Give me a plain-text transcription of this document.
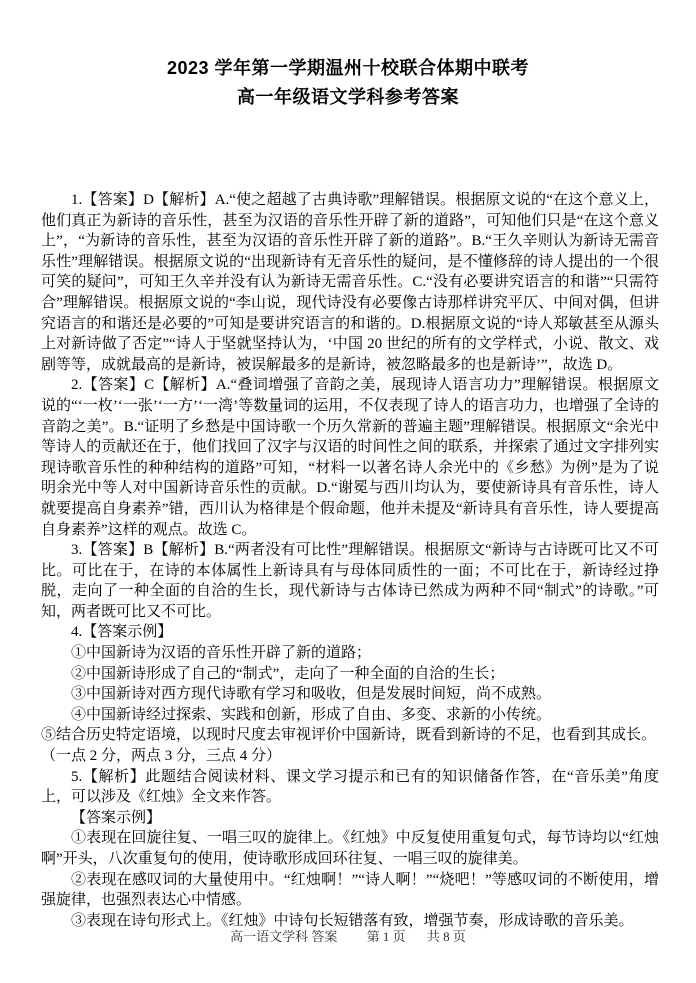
2023 学年第一学期温州十校联合体期中联考
高一年级语文学科参考答案

1.【答案】D【解析】A.“使之超越了古典诗歌”理解错误。根据原文说的“在这个意义上，他们真正为新诗的音乐性，甚至为汉语的音乐性开辟了新的道路”，可知他们只是“在这个意义上”，“为新诗的音乐性，甚至为汉语的音乐性开辟了新的道路”。B.“王久辛则认为新诗无需音乐性”理解错误。根据原文说的“出现新诗有无音乐性的疑问，是不懂修辞的诗人提出的一个很可笑的疑问”，可知王久辛并没有认为新诗无需音乐性。C.“没有必要讲究语言的和谐”“只需符合”理解错误。根据原文说的“李山说，现代诗没有必要像古诗那样讲究平仄、中间对偶，但讲究语言的和谐还是必要的”可知是要讲究语言的和谐的。D.根据原文说的“诗人郑敏甚至从源头上对新诗做了否定”“诗人于坚就坚持认为，‘中国 20 世纪的所有的文学样式，小说、散文、戏剧等等，成就最高的是新诗，被误解最多的是新诗，被忽略最多的也是新诗’”，故选 D。

2.【答案】C【解析】A.“叠词增强了音韵之美，展现诗人语言功力”理解错误。根据原文说的“‘一枚’‘一张’‘一方’‘一湾’等数量词的运用，不仅表现了诗人的语言功力，也增强了全诗的音韵之美”。B.“证明了乡愁是中国诗歌一个历久常新的普遍主题”理解错误。根据原文“余光中等诗人的贡献还在于，他们找回了汉字与汉语的时间性之间的联系，并探索了通过文字排列实现诗歌音乐性的种种结构的道路”可知，“材料一以著名诗人余光中的《乡愁》为例”是为了说明余光中等人对中国新诗音乐性的贡献。D.“谢冕与西川均认为，要使新诗具有音乐性，诗人就要提高自身素养”错，西川认为格律是个假命题，他并未提及“新诗具有音乐性，诗人要提高自身素养”这样的观点。故选 C。

3.【答案】B【解析】B.“两者没有可比性”理解错误。根据原文“新诗与古诗既可比又不可比。可比在于，在诗的本体属性上新诗具有与母体同质性的一面；不可比在于，新诗经过挣脱，走向了一种全面的自洽的生长，现代新诗与古体诗已然成为两种不同“制式”的诗歌。”可知，两者既可比又不可比。

4.【答案示例】

①中国新诗为汉语的音乐性开辟了新的道路；

②中国新诗形成了自己的“制式”，走向了一种全面的自洽的生长；

③中国新诗对西方现代诗歌有学习和吸收，但是发展时间短，尚不成熟。

④中国新诗经过探索、实践和创新，形成了自由、多变、求新的小传统。

⑤结合历史特定语境，以现时尺度去审视评价中国新诗，既看到新诗的不足，也看到其成长。

（一点 2 分，两点 3 分，三点 4 分）

5.【解析】此题结合阅读材料、课文学习提示和已有的知识储备作答，在“音乐美”角度上，可以涉及《红烛》全文来作答。

【答案示例】

①表现在回旋往复、一唱三叹的旋律上。《红烛》中反复使用重复句式，每节诗均以“红烛啊”开头，八次重复句的使用，使诗歌形成回环往复、一唱三叹的旋律美。

②表现在感叹词的大量使用中。“红烛啊！”“诗人啊！”“烧吧！”等感叹词的不断使用，增强旋律，也强烈表达心中情感。

③表现在诗句形式上。《红烛》中诗句长短错落有致，增强节奏，形成诗歌的音乐美。

高一语文学科 答案 第 1 页 共 8 页
